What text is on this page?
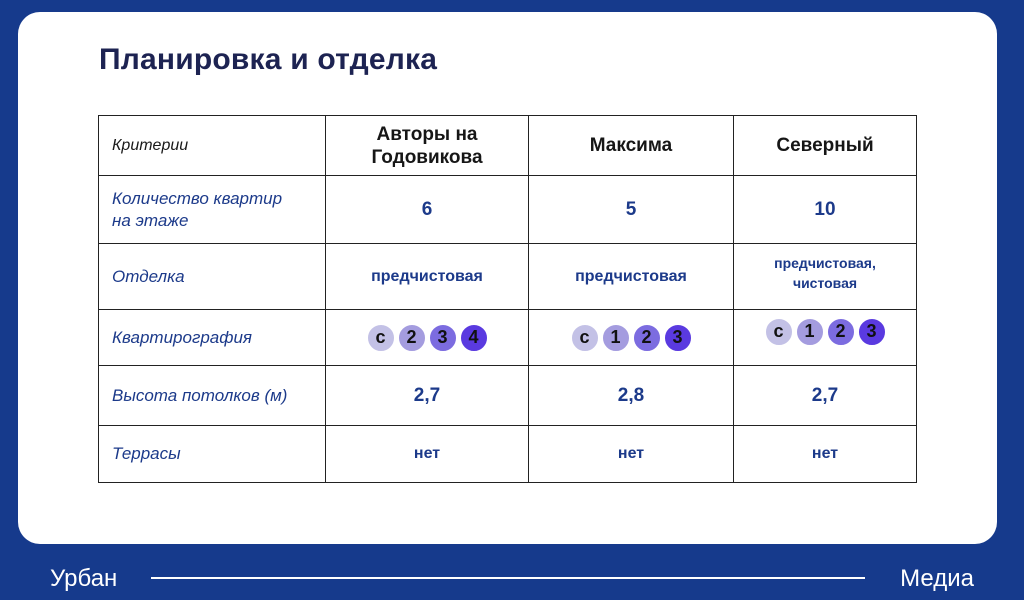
Планировка и отделка
Критерии	Авторы на Годовикова	Максима	Северный
Количество квартир на этаже	6	5	10
Отделка	предчистовая	предчистовая	предчистовая, чистовая
Квартирография	с 2 3 4	с 1 2 3	с 1 2 3

Высота потолков (м)	2,7	2,8	2,7
Террасы	нет	нет	нет
Урбан	Медиа
